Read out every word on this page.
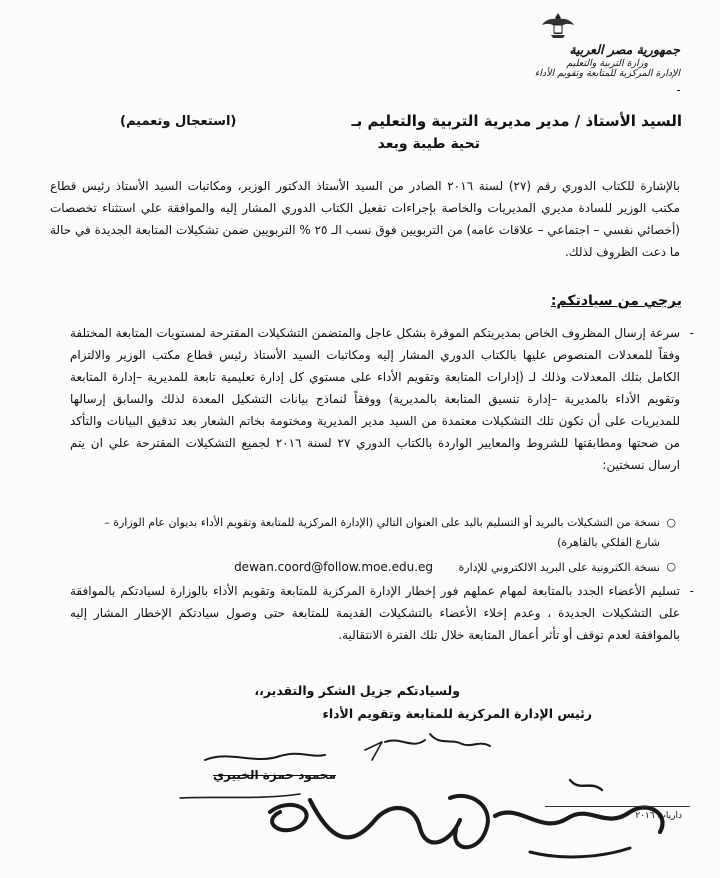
جمهورية مصر العربية
وزارة التربية والتعليم
الإدارة المركزية للمتابعة وتقويم الأداء

السيد الأستاذ / مدير مديرية التربية والتعليم بـ
(استعجال وتعميم)
تحية طيبة وبعد
بالإشارة للكتاب الدوري رقم (٢٧) لسنة ٢٠١٦ الصادر من السيد الأستاذ الدكتور الوزير، ومكاتبات السيد الأستاذ رئيس قطاع مكتب الوزير للسادة مديري المديريات والخاصة بإجراءات تفعيل الكتاب الدوري المشار إليه والموافقة علي استثناء تخصصات (أخصائي نفسي – اجتماعي – علاقات عامه) من التربويين فوق نسب الـ ٢٥ % التربويين ضمن تشكيلات المتابعة الجديدة في حالة ما دعت الظروف لذلك.
يرجي من سيادتكم:
-
سرعة إرسال المظروف الخاص بمديريتكم الموقرة بشكل عاجل والمتضمن التشكيلات المقترحة لمستويات المتابعة المختلفة وفقاً للمعدلات المنصوص عليها بالكتاب الدوري المشار إليه ومكاتبات السيد الأستاذ رئيس قطاع مكتب الوزير والالتزام الكامل بتلك المعدلات وذلك لـ (إدارات المتابعة وتقويم الأداء على مستوي كل إدارة تعليمية تابعة للمديرية –إدارة المتابعة وتقويم الأداء بالمديرية –إدارة تنسيق المتابعة بالمديرية) ووفقاً لنماذج بيانات التشكيل المعدة لذلك والسابق إرسالها للمديريات على أن تكون تلك التشكيلات معتمدة من السيد مدير المديرية ومختومة بخاتم الشعار بعد تدقيق البيانات والتأكد من صحتها ومطابقتها للشروط والمعايير الواردة بالكتاب الدوري ٢٧ لسنة ٢٠١٦ لجميع التشكيلات المقترحة علي ان يتم ارسال نسختين:
○
نسخة من التشكيلات بالبريد أو التسليم باليد على العنوان التالي (الإدارة المركزية للمتابعة وتقويم الأداء بديوان عام الوزارة – شارع الفلكي بالقاهرة)
○
نسخة الكترونية على البريد الالكتروني للإدارة dewan.coord@follow.moe.edu.eg
-
تسليم الأعضاء الجدد بالمتابعة لمهام عملهم فور إخطار الإدارة المركزية للمتابعة وتقويم الأداء بالوزارة لسيادتكم بالموافقة على التشكيلات الجديدة ، وعدم إخلاء الأعضاء بالتشكيلات القديمة للمتابعة حتى وصول سيادتكم الإخطار المشار إليه بالموافقة لعدم توقف أو تأثر أعمال المتابعة خلال تلك الفترة الانتقالية.
ولسيادتكم جزيل الشكر والتقدير،،
رئيس الإدارة المركزية للمتابعة وتقويم الأداء
محمود حمزة الخبيري
داريات ٢٠١٦
